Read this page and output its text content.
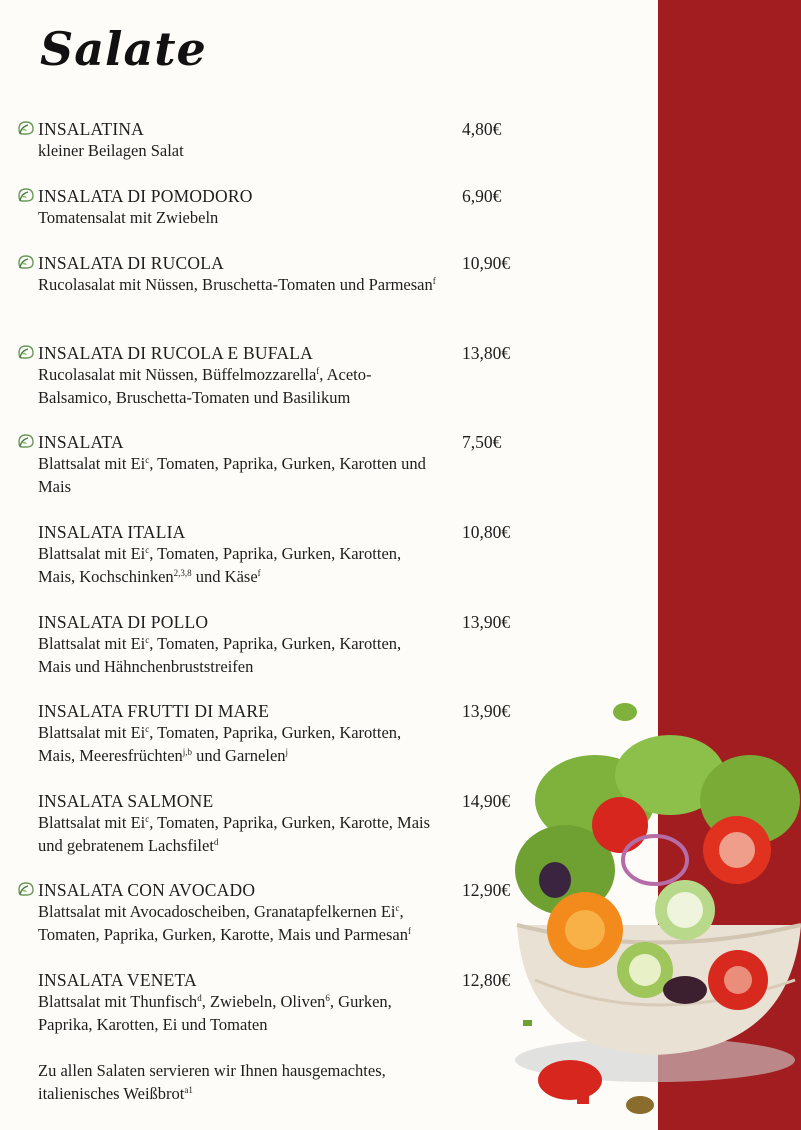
Salate
INSALATINA	4,80€
kleiner Beilagen Salat
INSALATA DI POMODORO	6,90€
Tomatensalat mit Zwiebeln
INSALATA DI RUCOLA	10,90€
Rucolasalat mit Nüssen, Bruschetta-Tomaten und Parmesan$^f$
INSALATA DI RUCOLA E BUFALA	13,80€
Rucolasalat mit Nüssen, Büffelmozzarella$^f$, Aceto-Balsamico, Bruschetta-Tomaten und Basilikum
INSALATA	7,50€
Blattsalat mit Ei$^c$, Tomaten, Paprika, Gurken, Karotten und Mais
INSALATA ITALIA	10,80€
Blattsalat mit Ei$^c$, Tomaten, Paprika, Gurken, Karotten, Mais, Kochschinken$^{2,3,8}$ und Käse$^f$
INSALATA DI POLLO	13,90€
Blattsalat mit Ei$^c$, Tomaten, Paprika, Gurken, Karotten, Mais und Hähnchenbruststreifen
INSALATA FRUTTI DI MARE	13,90€
Blattsalat mit Ei$^c$, Tomaten, Paprika, Gurken, Karotten, Mais, Meeresfrüchten$^{j,b}$ und Garnelen$^j$
INSALATA SALMONE	14,90€
Blattsalat mit Ei$^c$, Tomaten, Paprika, Gurken, Karotte, Mais und gebratenem Lachsfilet$^d$
INSALATA CON AVOCADO	12,90€
Blattsalat mit Avocadoscheiben, Granatapfelkernen Ei$^c$, Tomaten, Paprika, Gurken, Karotte, Mais und Parmesan$^f$
INSALATA VENETA	12,80€
Blattsalat mit Thunfisch$^d$, Zwiebeln, Oliven$^6$, Gurken, Paprika, Karotten, Ei und Tomaten
Zu allen Salaten servieren wir Ihnen hausgemachtes, italienisches Weißbrot$^{a1}$
